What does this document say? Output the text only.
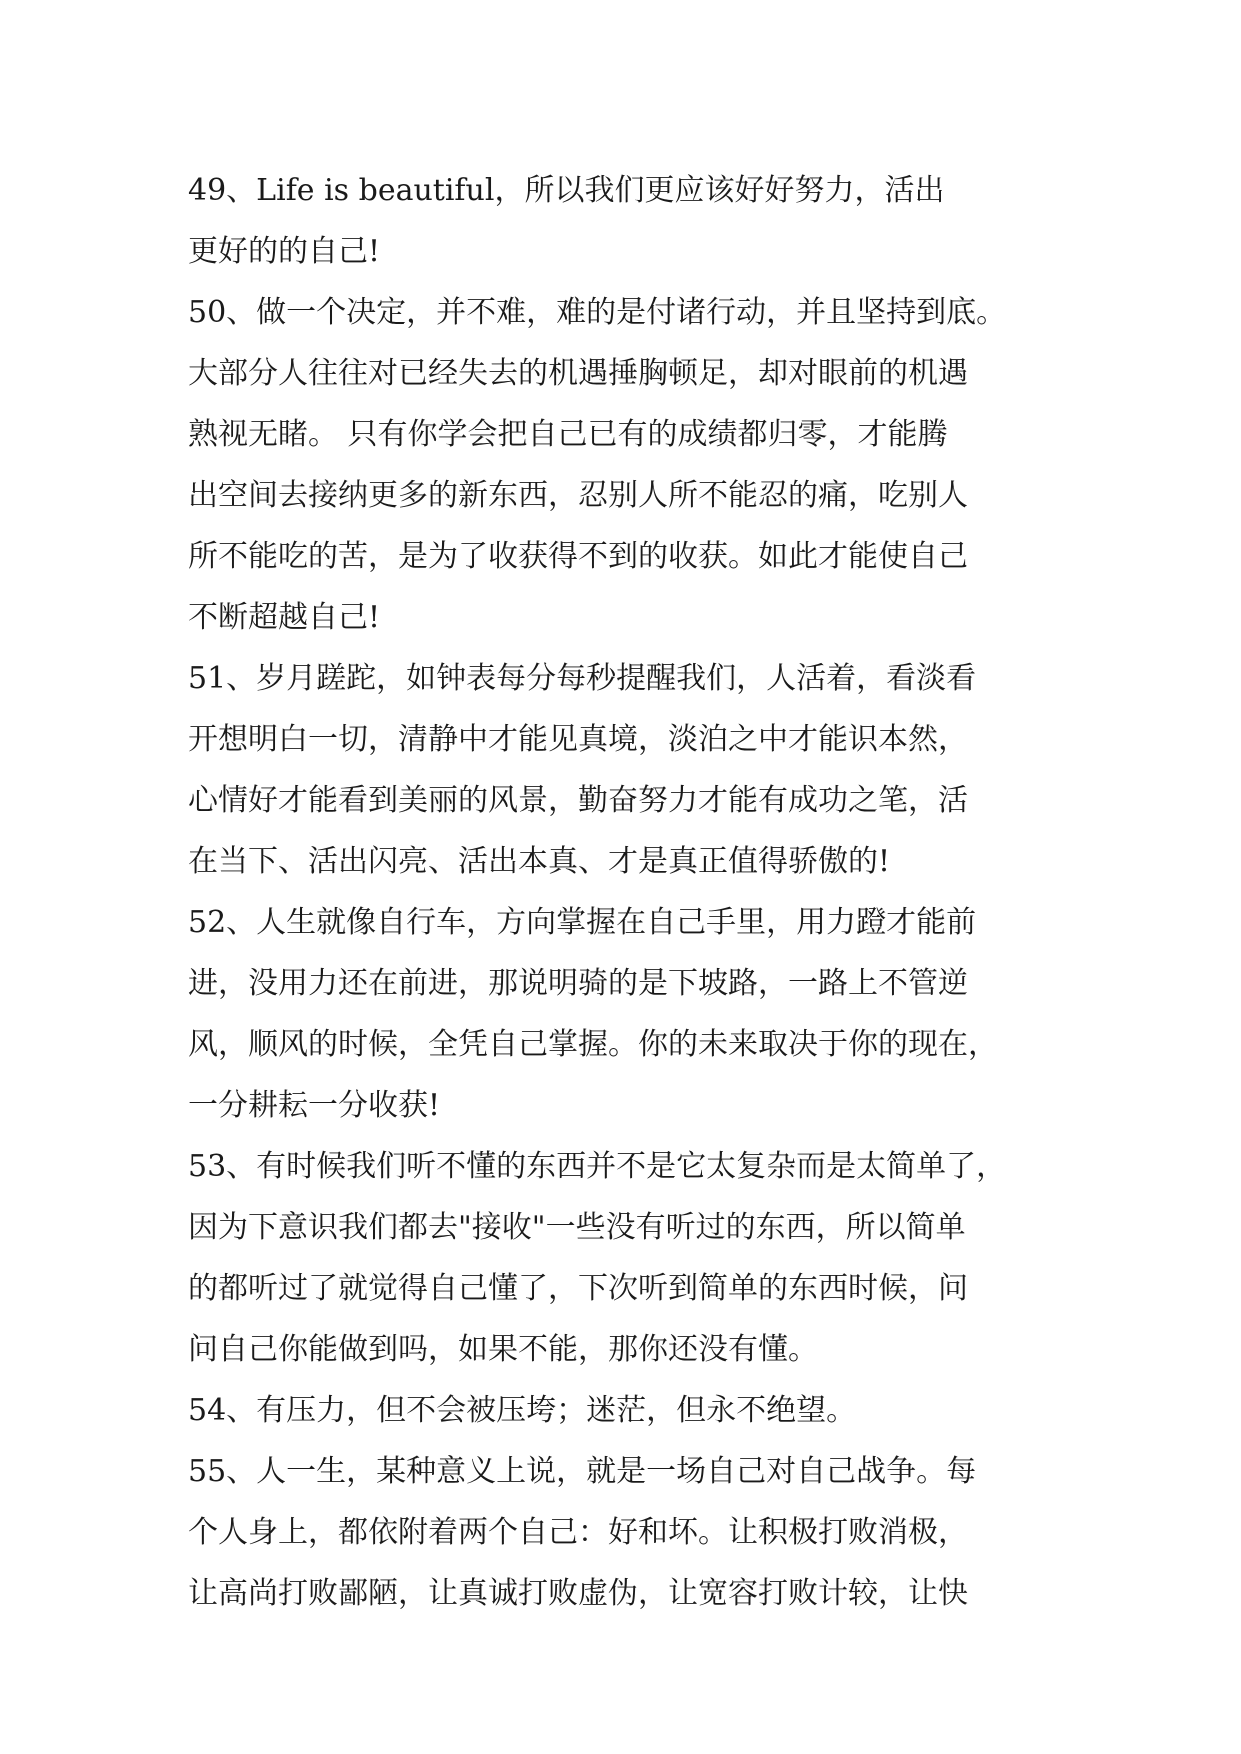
49、Life is beautiful，所以我们更应该好好努力，活出
更好的的自己!
50、做一个决定，并不难，难的是付诸行动，并且坚持到底。
大部分人往往对已经失去的机遇捶胸顿足，却对眼前的机遇
熟视无睹。 只有你学会把自己已有的成绩都归零，才能腾
出空间去接纳更多的新东西，忍别人所不能忍的痛，吃别人
所不能吃的苦，是为了收获得不到的收获。如此才能使自己
不断超越自己!
51、岁月蹉跎，如钟表每分每秒提醒我们，人活着，看淡看
开想明白一切，清静中才能见真境，淡泊之中才能识本然，
心情好才能看到美丽的风景，勤奋努力才能有成功之笔，活
在当下、活出闪亮、活出本真、才是真正值得骄傲的!
52、人生就像自行车，方向掌握在自己手里，用力蹬才能前
进，没用力还在前进，那说明骑的是下坡路，一路上不管逆
风，顺风的时候，全凭自己掌握。你的未来取决于你的现在，
一分耕耘一分收获!
53、有时候我们听不懂的东西并不是它太复杂而是太简单了，
因为下意识我们都去"接收"一些没有听过的东西，所以简单
的都听过了就觉得自己懂了，下次听到简单的东西时候，问
问自己你能做到吗，如果不能，那你还没有懂。
54、有压力，但不会被压垮；迷茫，但永不绝望。
55、人一生，某种意义上说，就是一场自己对自己战争。每
个人身上，都依附着两个自己：好和坏。让积极打败消极，
让高尚打败鄙陋，让真诚打败虚伪，让宽容打败计较，让快
